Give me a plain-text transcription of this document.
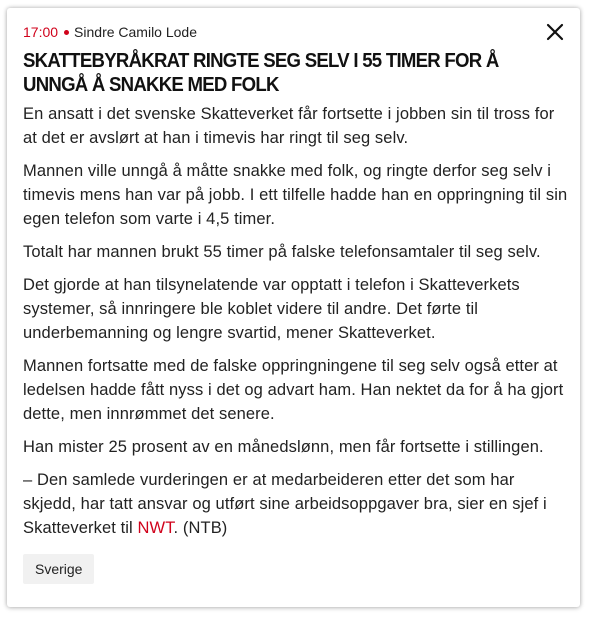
17:00 Sindre Camilo Lode
SKATTEBYRÅKRAT RINGTE SEG SELV I 55 TIMER FOR Å UNNGÅ Å SNAKKE MED FOLK

En ansatt i det svenske Skatteverket får fortsette i jobben sin til tross for at det er avslørt at han i timevis har ringt til seg selv.

Mannen ville unngå å måtte snakke med folk, og ringte derfor seg selv i timevis mens han var på jobb. I ett tilfelle hadde han en oppringning til sin egen telefon som varte i 4,5 timer.

Totalt har mannen brukt 55 timer på falske telefonsamtaler til seg selv.

Det gjorde at han tilsynelatende var opptatt i telefon i Skatteverkets systemer, så innringere ble koblet videre til andre. Det førte til underbemanning og lengre svartid, mener Skatteverket.

Mannen fortsatte med de falske oppringningene til seg selv også etter at ledelsen hadde fått nyss i det og advart ham. Han nektet da for å ha gjort dette, men innrømmet det senere.

Han mister 25 prosent av en månedslønn, men får fortsette i stillingen.

– Den samlede vurderingen er at medarbeideren etter det som har skjedd, har tatt ansvar og utført sine arbeidsoppgaver bra, sier en sjef i Skatteverket til NWT. (NTB)

Sverige
